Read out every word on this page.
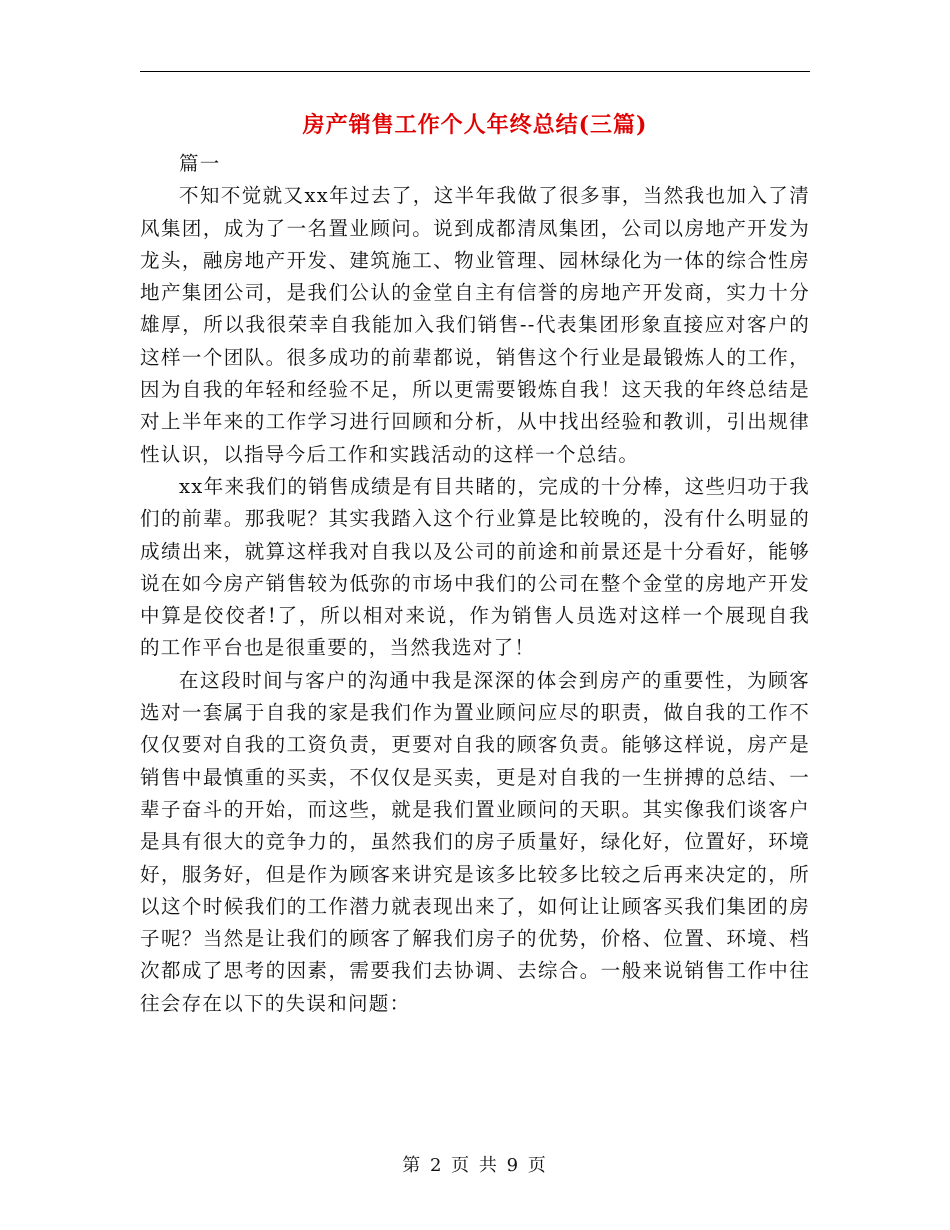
房产销售工作个人年终总结(三篇)

篇一

不知不觉就又xx年过去了，这半年我做了很多事，当然我也加入了清风集团，成为了一名置业顾问。说到成都清凤集团，公司以房地产开发为龙头，融房地产开发、建筑施工、物业管理、园林绿化为一体的综合性房地产集团公司，是我们公认的金堂自主有信誉的房地产开发商，实力十分雄厚，所以我很荣幸自我能加入我们销售--代表集团形象直接应对客户的这样一个团队。很多成功的前辈都说，销售这个行业是最锻炼人的工作，因为自我的年轻和经验不足，所以更需要锻炼自我！这天我的年终总结是对上半年来的工作学习进行回顾和分析，从中找出经验和教训，引出规律性认识，以指导今后工作和实践活动的这样一个总结。

xx年来我们的销售成绩是有目共睹的，完成的十分棒，这些归功于我们的前辈。那我呢？其实我踏入这个行业算是比较晚的，没有什么明显的成绩出来，就算这样我对自我以及公司的前途和前景还是十分看好，能够说在如今房产销售较为低弥的市场中我们的公司在整个金堂的房地产开发中算是佼佼者!了，所以相对来说，作为销售人员选对这样一个展现自我的工作平台也是很重要的，当然我选对了！

在这段时间与客户的沟通中我是深深的体会到房产的重要性，为顾客选对一套属于自我的家是我们作为置业顾问应尽的职责，做自我的工作不仅仅要对自我的工资负责，更要对自我的顾客负责。能够这样说，房产是销售中最慎重的买卖，不仅仅是买卖，更是对自我的一生拼搏的总结、一辈子奋斗的开始，而这些，就是我们置业顾问的天职。其实像我们谈客户是具有很大的竞争力的，虽然我们的房子质量好，绿化好，位置好，环境好，服务好，但是作为顾客来讲究是该多比较多比较之后再来决定的，所以这个时候我们的工作潜力就表现出来了，如何让让顾客买我们集团的房子呢？当然是让我们的顾客了解我们房子的优势，价格、位置、环境、档次都成了思考的因素，需要我们去协调、去综合。一般来说销售工作中往往会存在以下的失误和问题：

第 2 页 共 9 页
